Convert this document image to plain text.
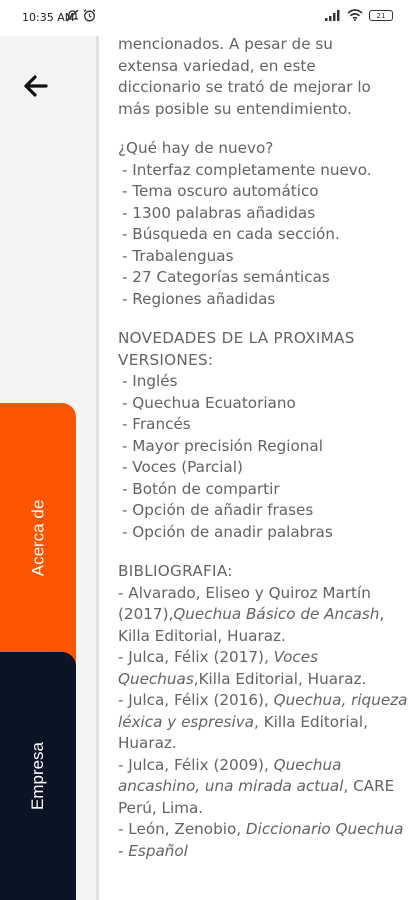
10:35 AM	21
Acerca de
Empresa

mencionados. A pesar de su
extensa variedad, en este
diccionario se trató de mejorar lo
más posible su entendimiento.

¿Qué hay de nuevo?

- Interfaz completamente nuevo.
- Tema oscuro automático
- 1300 palabras añadidas
- Búsqueda en cada sección.
- Trabalenguas
- 27 Categorías semánticas
- Regiones añadidas

NOVEDADES DE LA PROXIMAS
VERSIONES:

- Inglés
- Quechua Ecuatoriano
- Francés
- Mayor precisión Regional
- Voces (Parcial)
- Botón de compartir
- Opción de añadir frases
- Opción de anadir palabras

BIBLIOGRAFIA:

- Alvarado, Eliseo y Quiroz Martín (2017),Quechua Básico de Ancash, Killa Editorial, Huaraz.

- Julca, Félix (2017), Voces Quechuas,Killa Editorial, Huaraz.

- Julca, Félix (2016), Quechua, riqueza léxica y espresiva, Killa Editorial, Huaraz.

- Julca, Félix (2009), Quechua ancashino, una mirada actual, CARE Perú, Lima.

- León, Zenobio, Diccionario Quechua - Español
